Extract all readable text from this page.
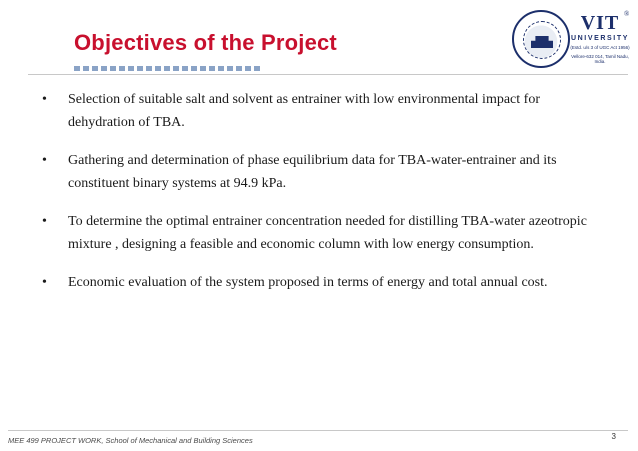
Objectives of the Project
VIT ®
UNIVERSITY
(Estd. u/s 3 of UGC Act 1956)
Vellore-632 014, Tamil Nadu, India.
• Selection of suitable salt and solvent as entrainer with low environmental impact for dehydration of TBA.
• Gathering and determination of phase equilibrium data for TBA-water-entrainer and its constituent binary systems at 94.9 kPa.
• To determine the optimal entrainer concentration needed for distilling TBA-water azeotropic mixture , designing a feasible and economic column with low energy consumption.
• Economic evaluation of the system proposed in terms of energy and total annual cost.
MEE 499 PROJECT WORK, School of Mechanical and Building Sciences	3
